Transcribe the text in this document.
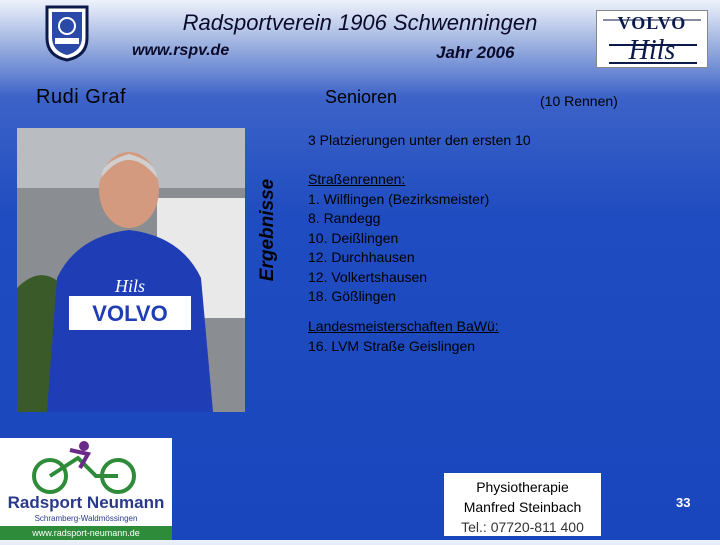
Radsportverein 1906 Schwenningen
www.rspv.de	Jahr 2006
VOLVO
Hils
Rudi Graf	Senioren	(10 Rennen)
VOLVO
Hils
Ergebnisse
3 Platzierungen unter den ersten 10
Straßenrennen:
1. Wilflingen (Bezirksmeister)
8. Randegg
10. Deißlingen
12. Durchhausen
12. Volkertshausen
18. Gößlingen
Landesmeisterschaften BaWü:
16. LVM Straße Geislingen
Radsport Neumann
Schramberg-Waldmössingen
www.radsport-neumann.de
Physiotherapie
Manfred Steinbach
Tel.: 07720-811 400
33
